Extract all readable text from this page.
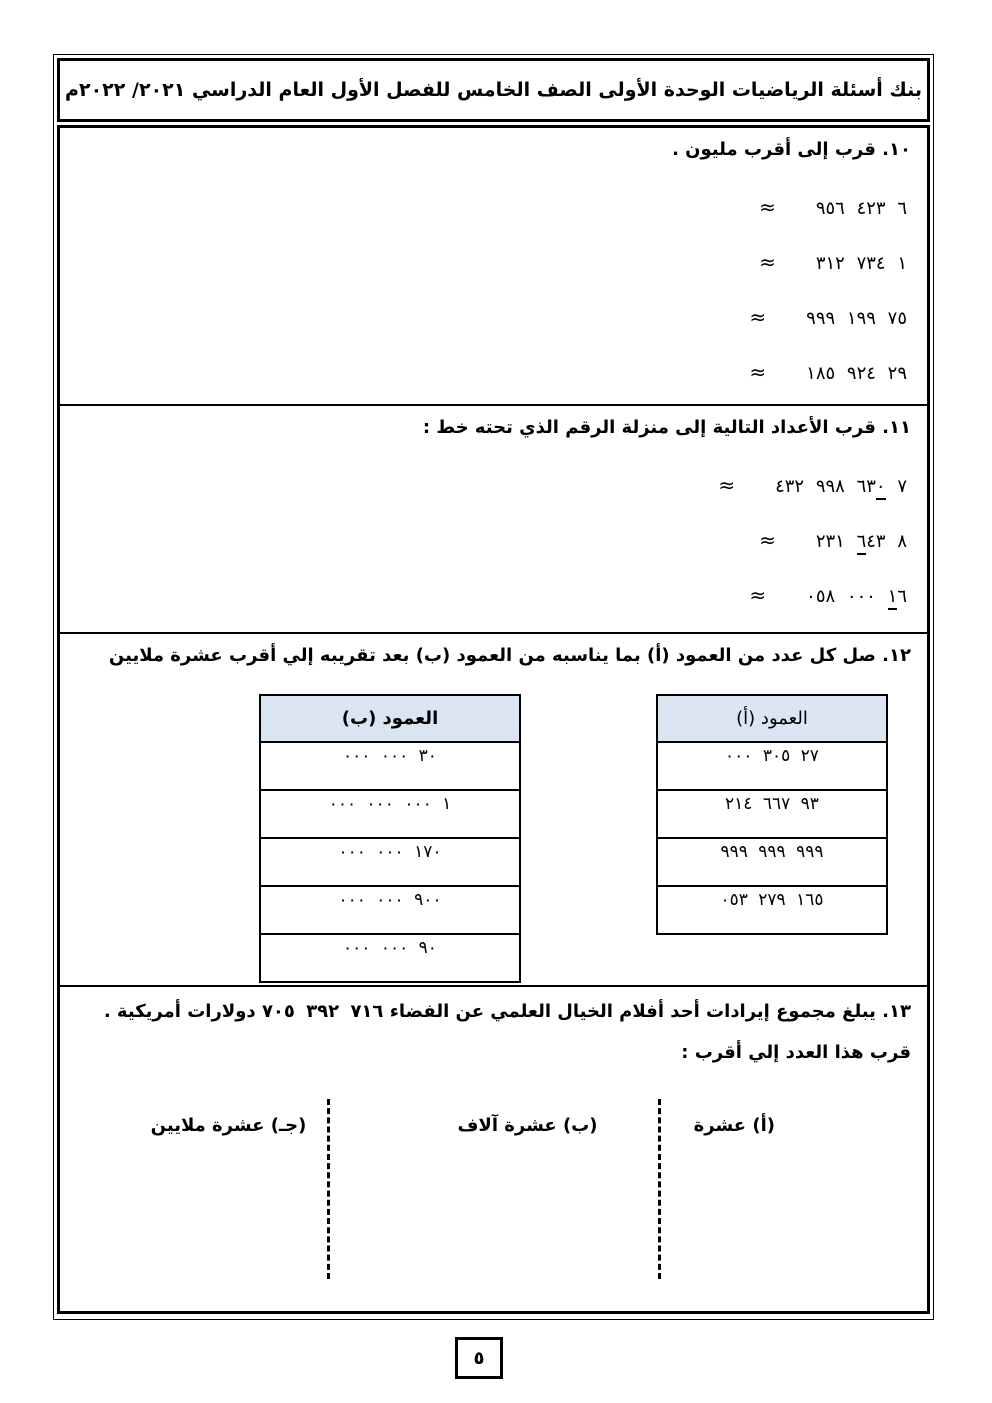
بنك أسئلة الرياضيات الوحدة الأولى الصف الخامس للفصل الأول العام الدراسي ٢٠٢١/ ٢٠٢٢م
١٠. قرب إلى أقرب مليون .
٦ ٤٢٣ ٩٥٦
≈
١ ٧٣٤ ٣١٢
≈
٧٥ ١٩٩ ٩٩٩
≈
٢٩ ٩٢٤ ١٨٥
≈
١١. قرب الأعداد التالية إلى منزلة الرقم الذي تحته خط :
٧ ٦٣٠ ٩٩٨ ٤٣٢
≈
٨ ٦٤٣ ٢٣١
≈
١٦ ٠٠٠ ٠٥٨
≈
١٢. صل كل عدد من العمود (أ) بما يناسبه من العمود (ب) بعد تقريبه إلي أقرب عشرة ملايين
العمود (أ)
٢٧ ٣٠٥ ٠٠٠
٩٣ ٦٦٧ ٢١٤
٩٩٩ ٩٩٩ ٩٩٩
١٦٥ ٢٧٩ ٠٥٣
العمود (ب)
٣٠ ٠٠٠ ٠٠٠
١ ٠٠٠ ٠٠٠ ٠٠٠
١٧٠ ٠٠٠ ٠٠٠
٩٠٠ ٠٠٠ ٠٠٠
٩٠ ٠٠٠ ٠٠٠
١٣. يبلغ مجموع إيرادات أحد أفلام الخيال العلمي عن الفضاء ٧١٦ ٣٩٢ ٧٠٥ دولارات أمريكية . قرب هذا العدد إلي أقرب :
(أ) عشرة
(ب) عشرة آلاف
(جـ) عشرة ملايين
٥
